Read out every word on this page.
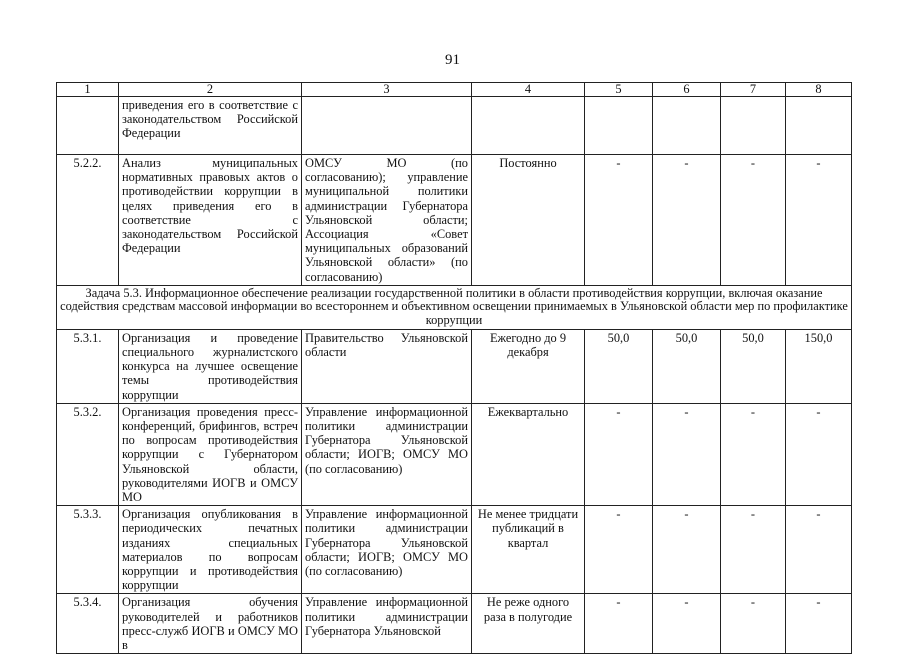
91
1	2	3	4	5	6	7	8
	приведения его в соответствие с законодательством Российской Федерации						
5.2.2.	Анализ муниципальных нормативных правовых актов о противодействии коррупции в целях приведения его в соответствие с законодательством Российской Федерации	ОМСУ МО (по согласованию); управление муниципальной политики администрации Губернатора Ульяновской области; Ассоциация «Совет муниципальных образований Ульяновской области» (по согласованию)	Постоянно	-	-	-	-
Задача 5.3. Информационное обеспечение реализации государственной политики в области противодействия коррупции, включая оказание содействия средствам массовой информации во всестороннем и объективном освещении принимаемых в Ульяновской области мер по профилактике коррупции							
5.3.1.	Организация и проведение специального журналистского конкурса на лучшее освещение темы противодействия коррупции	Правительство Ульяновской области	Ежегодно до 9 декабря	50,0	50,0	50,0	150,0
5.3.2.	Организация проведения пресс-конференций, брифингов, встреч по вопросам противодействия коррупции с Губернатором Ульяновской области, руководителями ИОГВ и ОМСУ МО	Управление информационной политики администрации Губернатора Ульяновской области; ИОГВ; ОМСУ МО (по согласованию)	Ежеквартально	-	-	-	-
5.3.3.	Организация опубликования в периодических печатных изданиях специальных материалов по вопросам коррупции и противодействия коррупции	Управление информационной политики администрации Губернатора Ульяновской области; ИОГВ; ОМСУ МО (по согласованию)	Не менее тридцати публикаций в квартал	-	-	-	-
5.3.4.	Организация обучения руководителей и работников пресс-служб ИОГВ и ОМСУ МО в	Управление информационной политики администрации Губернатора Ульяновской	Не реже одного раза в полугодие	-	-	-	-
